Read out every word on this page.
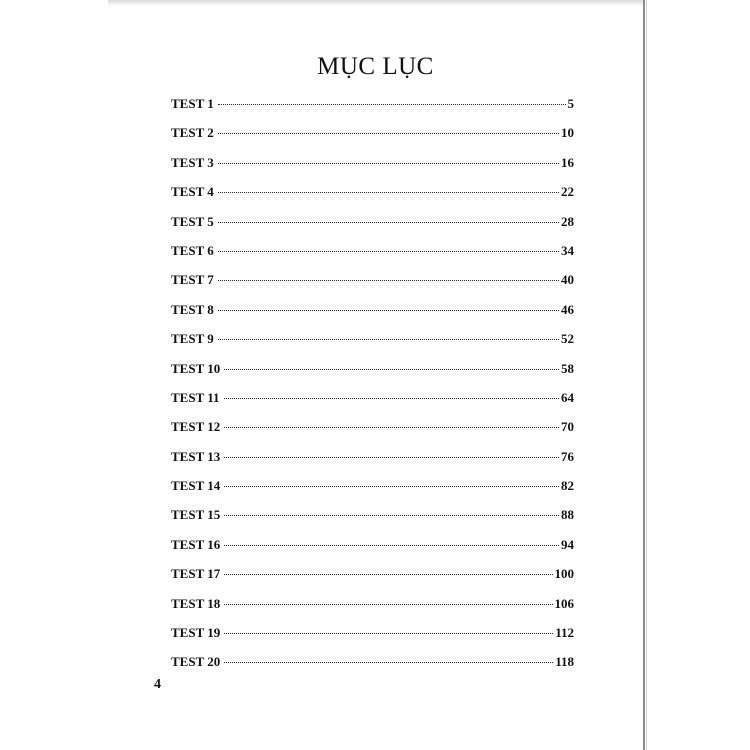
MỤC LỤC
TEST 1	5
TEST 2	10
TEST 3	16
TEST 4	22
TEST 5	28
TEST 6	34
TEST 7	40
TEST 8	46
TEST 9	52
TEST 10	58
TEST 11	64
TEST 12	70
TEST 13	76
TEST 14	82
TEST 15	88
TEST 16	94
TEST 17	100
TEST 18	106
TEST 19	112
TEST 20	118
4
